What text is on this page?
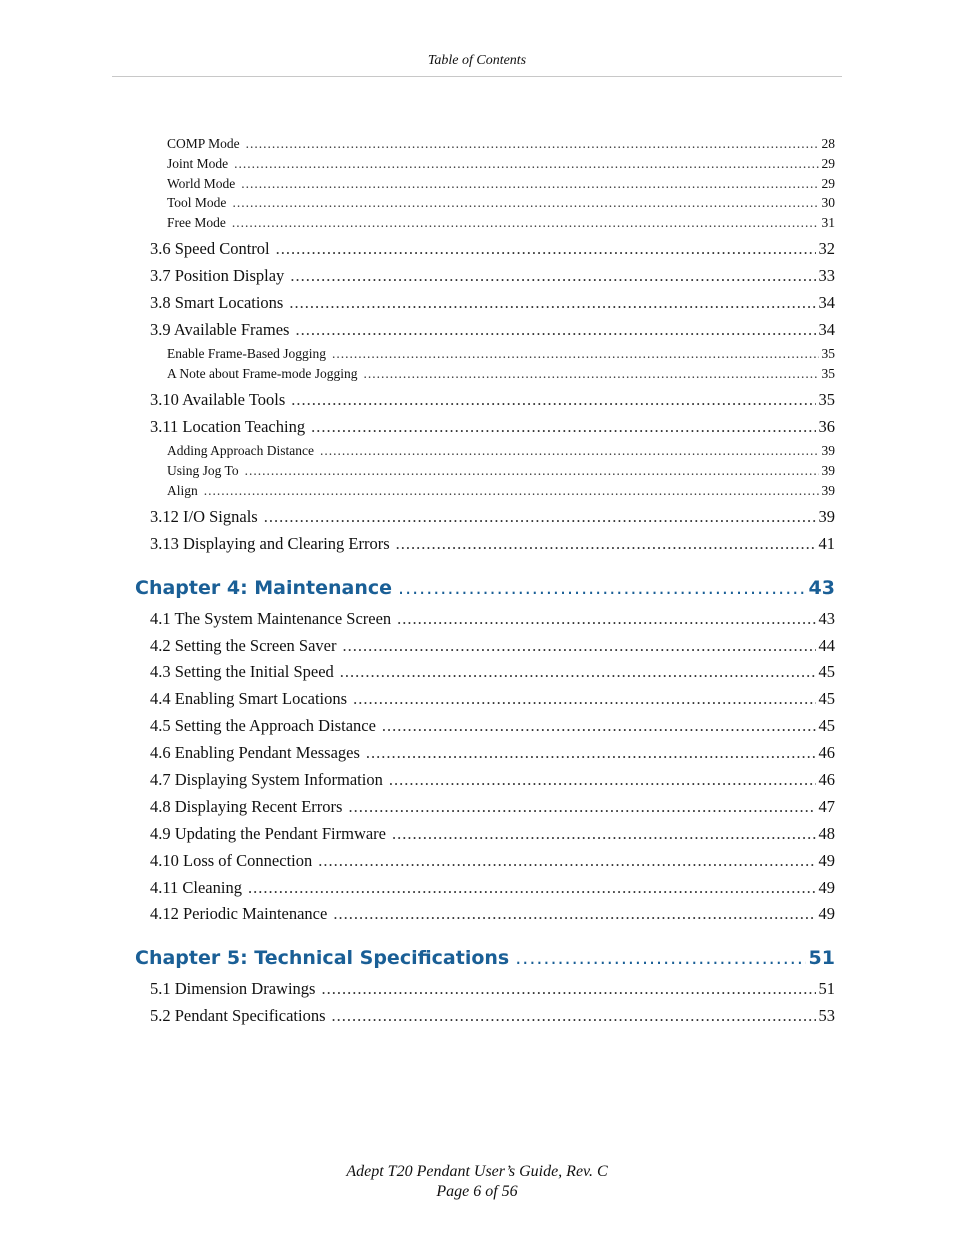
Table of Contents
COMP Mode .....	28
Joint Mode .....	29
World Mode .....	29
Tool Mode .....	30
Free Mode .....	31
3.6 Speed Control .....	32
3.7 Position Display .....	33
3.8 Smart Locations .....	34
3.9 Available Frames .....	34
Enable Frame-Based Jogging .....	35
A Note about Frame-mode Jogging .....	35
3.10 Available Tools .....	35
3.11 Location Teaching .....	36
Adding Approach Distance .....	39
Using Jog To .....	39
Align .....	39
3.12 I/O Signals .....	39
3.13 Displaying and Clearing Errors .....	41
Chapter 4: Maintenance .....	43
4.1 The System Maintenance Screen .....	43
4.2 Setting the Screen Saver .....	44
4.3 Setting the Initial Speed .....	45
4.4 Enabling Smart Locations .....	45
4.5 Setting the Approach Distance .....	45
4.6 Enabling Pendant Messages .....	46
4.7 Displaying System Information .....	46
4.8 Displaying Recent Errors .....	47
4.9 Updating the Pendant Firmware .....	48
4.10 Loss of Connection .....	49
4.11 Cleaning .....	49
4.12 Periodic Maintenance .....	49
Chapter 5: Technical Specifications .....	51
5.1 Dimension Drawings .....	51
5.2 Pendant Specifications .....	53
Adept T20 Pendant User’s Guide, Rev. C
Page 6 of 56
